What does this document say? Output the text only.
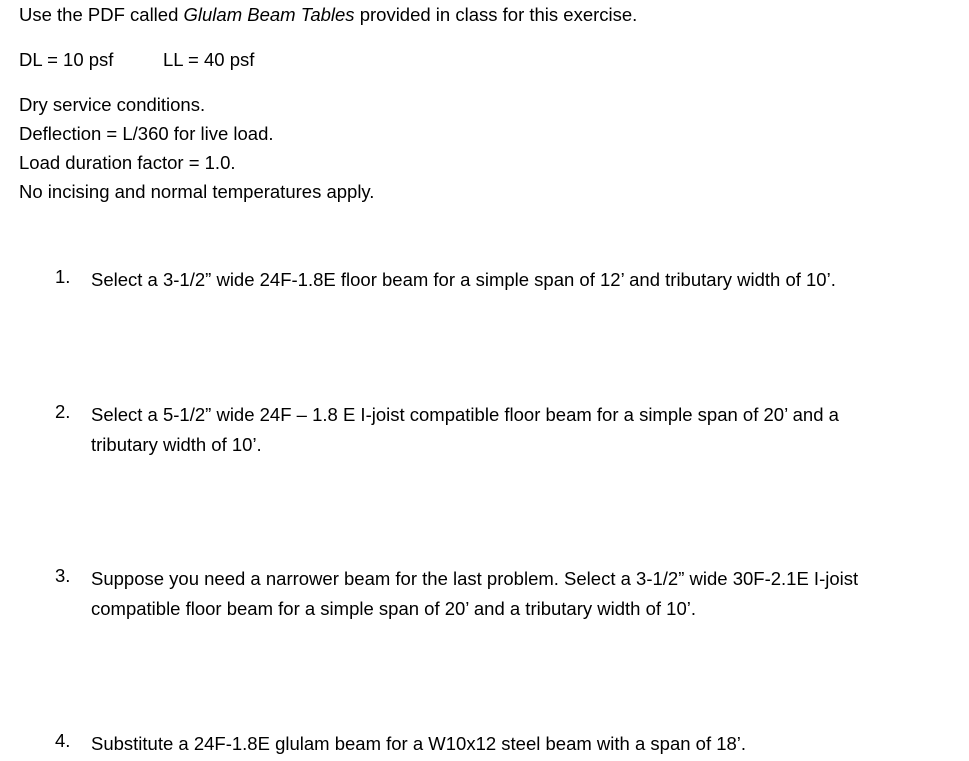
Use the PDF called Glulam Beam Tables provided in class for this exercise.
DL = 10 psf	LL = 40 psf
Dry service conditions.
Deflection = L/360 for live load.
Load duration factor = 1.0.
No incising and normal temperatures apply.
1.	Select a 3-1/2” wide 24F-1.8E floor beam for a simple span of 12’ and tributary width of 10’.
2.	Select a 5-1/2” wide 24F – 1.8 E I-joist compatible floor beam for a simple span of 20’ and a
tributary width of 10’.
3.	Suppose you need a narrower beam for the last problem. Select a 3-1/2” wide 30F-2.1E I-joist
compatible floor beam for a simple span of 20’ and a tributary width of 10’.
4.	Substitute a 24F-1.8E glulam beam for a W10x12 steel beam with a span of 18’.
